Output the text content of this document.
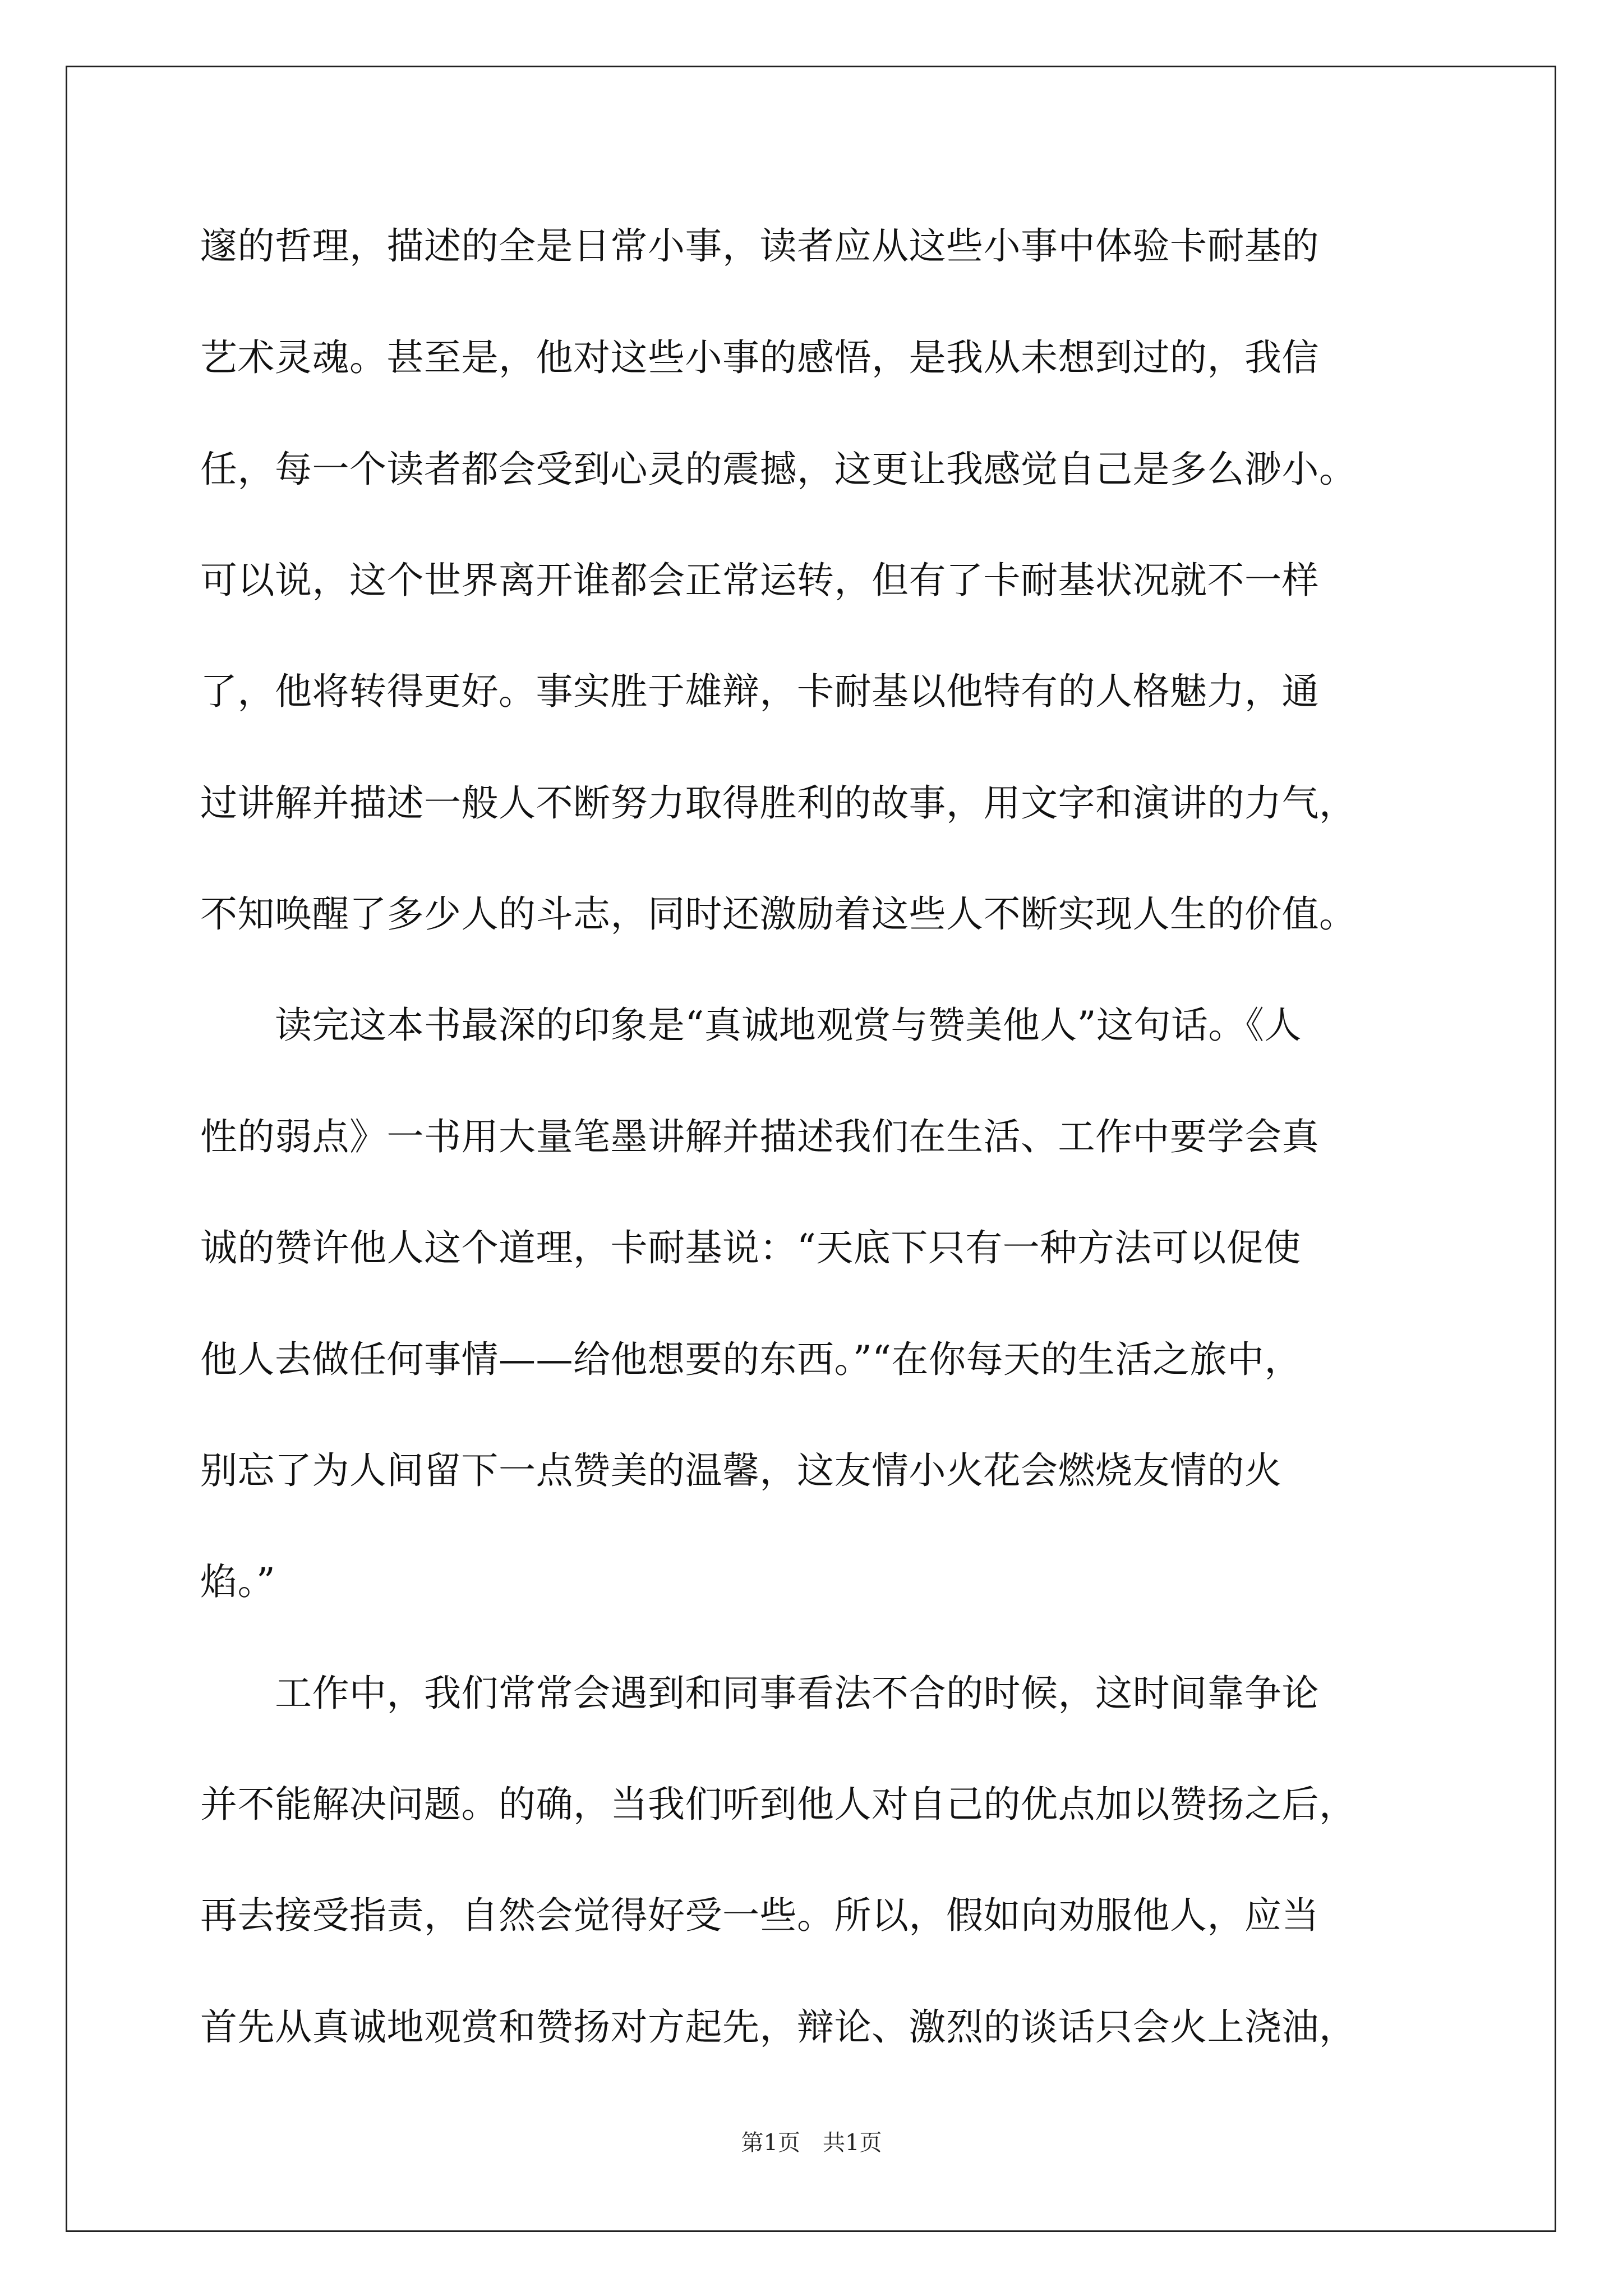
邃的哲理，描述的全是日常小事，读者应从这些小事中体验卡耐基的

艺术灵魂。甚至是，他对这些小事的感悟，是我从未想到过的，我信

任，每一个读者都会受到心灵的震撼，这更让我感觉自己是多么渺小。

可以说，这个世界离开谁都会正常运转，但有了卡耐基状况就不一样

了，他将转得更好。事实胜于雄辩，卡耐基以他特有的人格魅力，通

过讲解并描述一般人不断努力取得胜利的故事，用文字和演讲的力气，

不知唤醒了多少人的斗志，同时还激励着这些人不断实现人生的价值。

　　读完这本书最深的印象是“真诚地观赏与赞美他人”这句话。《人

性的弱点》一书用大量笔墨讲解并描述我们在生活、工作中要学会真

诚的赞许他人这个道理，卡耐基说：“天底下只有一种方法可以促使

他人去做任何事情——给他想要的东西。”“在你每天的生活之旅中，

别忘了为人间留下一点赞美的温馨，这友情小火花会燃烧友情的火

焰。”

　　工作中，我们常常会遇到和同事看法不合的时候，这时间靠争论

并不能解决问题。的确，当我们听到他人对自己的优点加以赞扬之后，

再去接受指责，自然会觉得好受一些。所以，假如向劝服他人，应当

首先从真诚地观赏和赞扬对方起先，辩论、激烈的谈话只会火上浇油，

第1页　共1页
